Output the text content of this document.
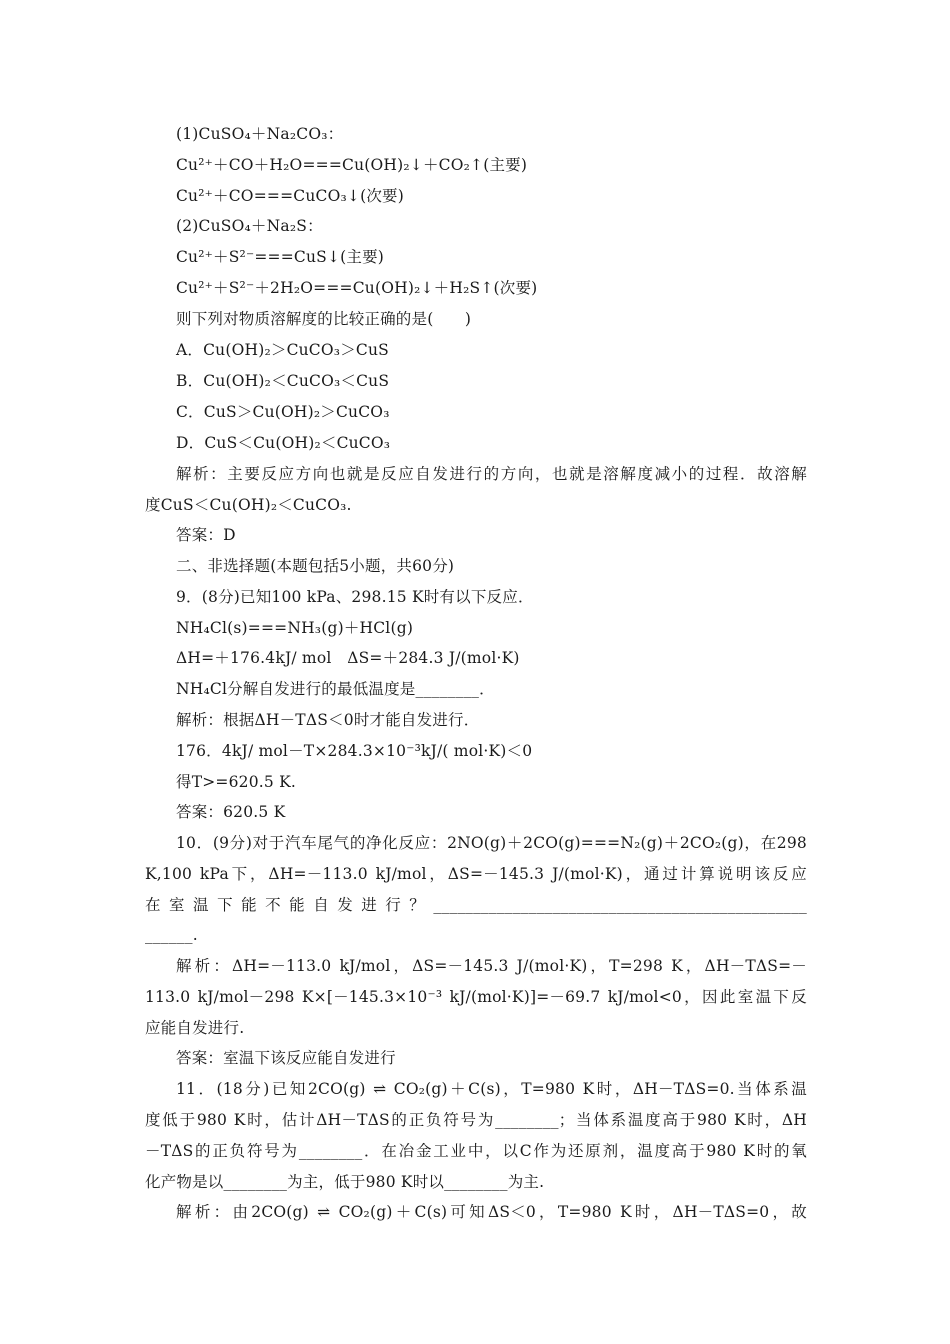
(1)CuSO₄＋Na₂CO₃：
Cu²⁺＋CO＋H₂O===Cu(OH)₂↓＋CO₂↑(主要)
Cu²⁺＋CO===CuCO₃↓(次要)
(2)CuSO₄＋Na₂S：
Cu²⁺＋S²⁻===CuS↓(主要)
Cu²⁺＋S²⁻＋2H₂O===Cu(OH)₂↓＋H₂S↑(次要)
则下列对物质溶解度的比较正确的是(　　)
A．Cu(OH)₂＞CuCO₃＞CuS
B．Cu(OH)₂＜CuCO₃＜CuS
C．CuS＞Cu(OH)₂＞CuCO₃
D．CuS＜Cu(OH)₂＜CuCO₃
解析：主要反应方向也就是反应自发进行的方向，也就是溶解度减小的过程．故溶解
度CuS＜Cu(OH)₂＜CuCO₃.
答案：D
二、非选择题(本题包括5小题，共60分)
9．(8分)已知100 kPa、298.15 K时有以下反应．
NH₄Cl(s)===NH₃(g)＋HCl(g)
ΔH=＋176.4kJ/ mol　ΔS=＋284.3 J/(mol·K)
NH₄Cl分解自发进行的最低温度是________．
解析：根据ΔH－TΔS＜0时才能自发进行．
176．4kJ/ mol－T×284.3×10⁻³kJ/( mol·K)＜0
得T>=620.5 K.
答案：620.5 K
10．(9分)对于汽车尾气的净化反应：2NO(g)＋2CO(g)===N₂(g)＋2CO₂(g)，在298
K,100 kPa下，ΔH=－113.0 kJ/mol，ΔS=－145.3 J/(mol·K)，通过计算说明该反应
在室温下能不能自发进行？_______________________________________________
______.
解析：ΔH=－113.0 kJ/mol，ΔS=－145.3 J/(mol·K)，T=298 K，ΔH－TΔS=－
113.0 kJ/mol－298 K×[－145.3×10⁻³ kJ/(mol·K)]=－69.7 kJ/mol<0，因此室温下反
应能自发进行.
答案：室温下该反应能自发进行
11．(18分)已知2CO(g) ⇌ CO₂(g)＋C(s)，T=980 K时，ΔH－TΔS=0.当体系温
度低于980 K时，估计ΔH－TΔS的正负符号为________；当体系温度高于980 K时，ΔH
－TΔS的正负符号为________．在冶金工业中，以C作为还原剂，温度高于980 K时的氧
化产物是以________为主，低于980 K时以________为主.
解析：由2CO(g) ⇌ CO₂(g)＋C(s)可知ΔS＜0，T=980 K时，ΔH－TΔS=0，故
